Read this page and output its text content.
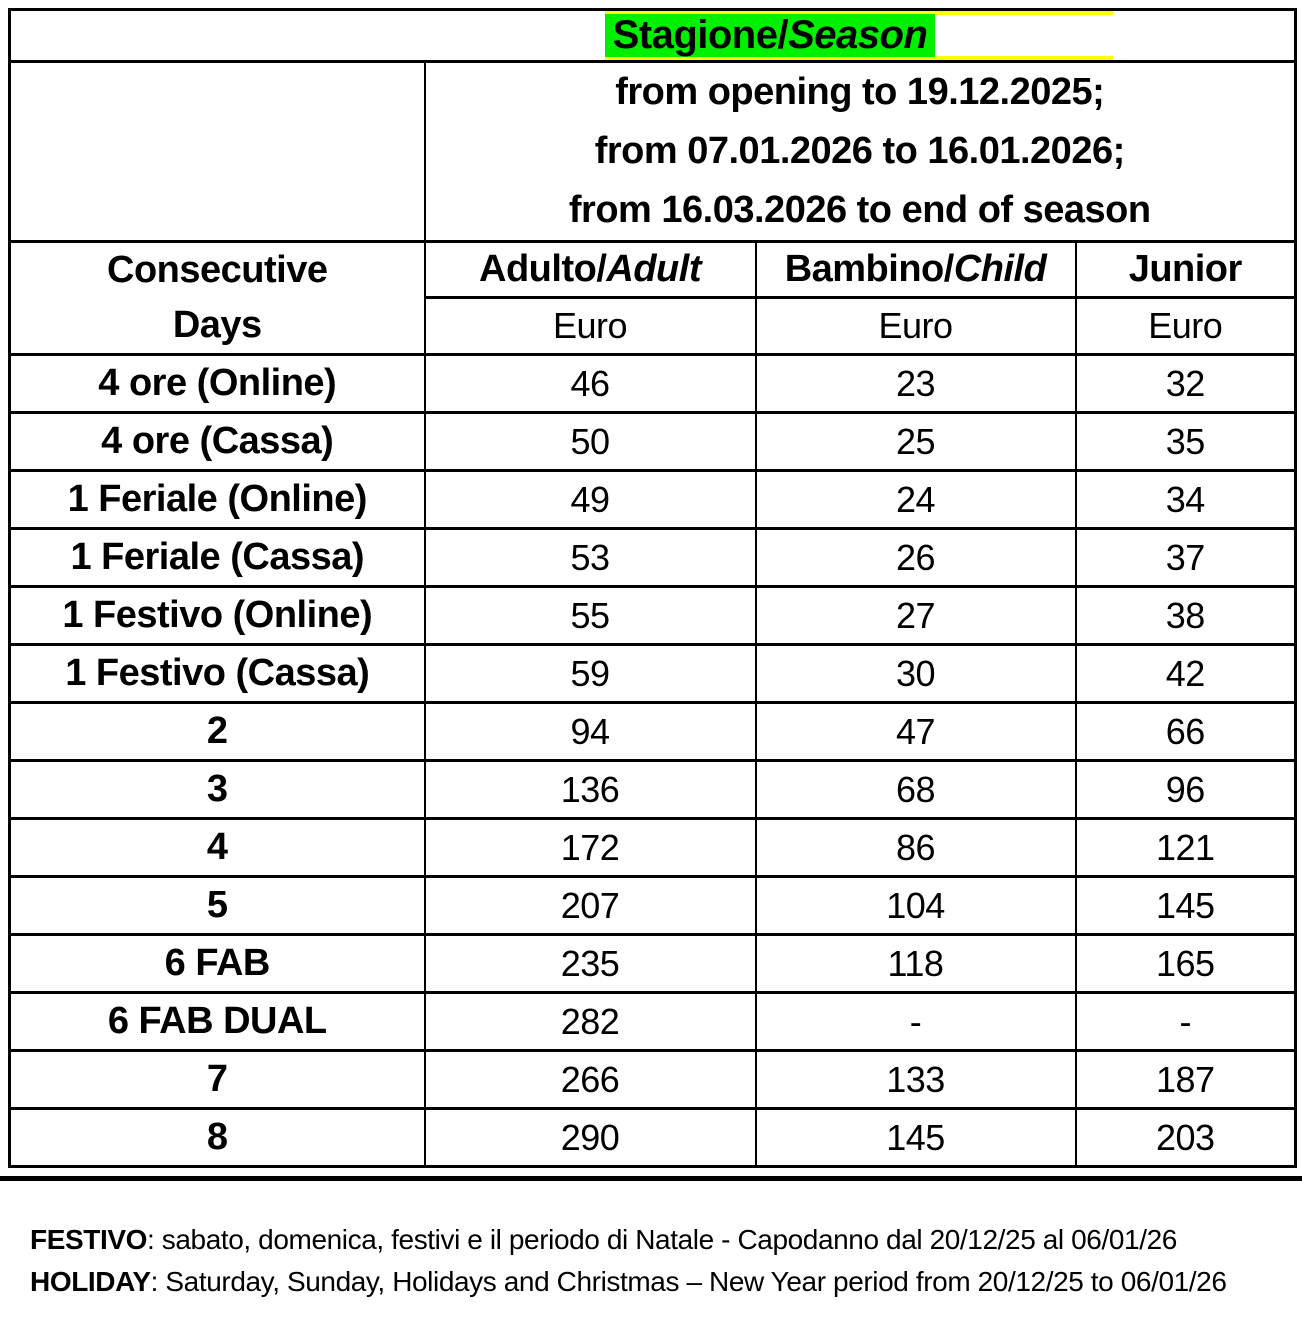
Stagione/ Season			

	from opening to 19.12.2025;
from 07.01.2026 to 16.01.2026;
from 16.03.2026 to end of season		

Consecutive
Days	Adulto/Adult	Bambino/Child	Junior
	Euro	Euro	Euro
4 ore (Online)	46	23	32
4 ore (Cassa)	50	25	35
1 Feriale (Online)	49	24	34
1 Feriale (Cassa)	53	26	37
1 Festivo (Online)	55	27	38
1 Festivo (Cassa)	59	30	42
2	94	47	66
3	136	68	96
4	172	86	121
5	207	104	145
6 FAB	235	118	165
6 FAB DUAL	282	-	-
7	266	133	187
8	290	145	203
FESTIVO: sabato, domenica, festivi e il periodo di Natale - Capodanno dal 20/12/25 al 06/01/26
HOLIDAY: Saturday, Sunday, Holidays and Christmas – New Year period from 20/12/25 to 06/01/26
